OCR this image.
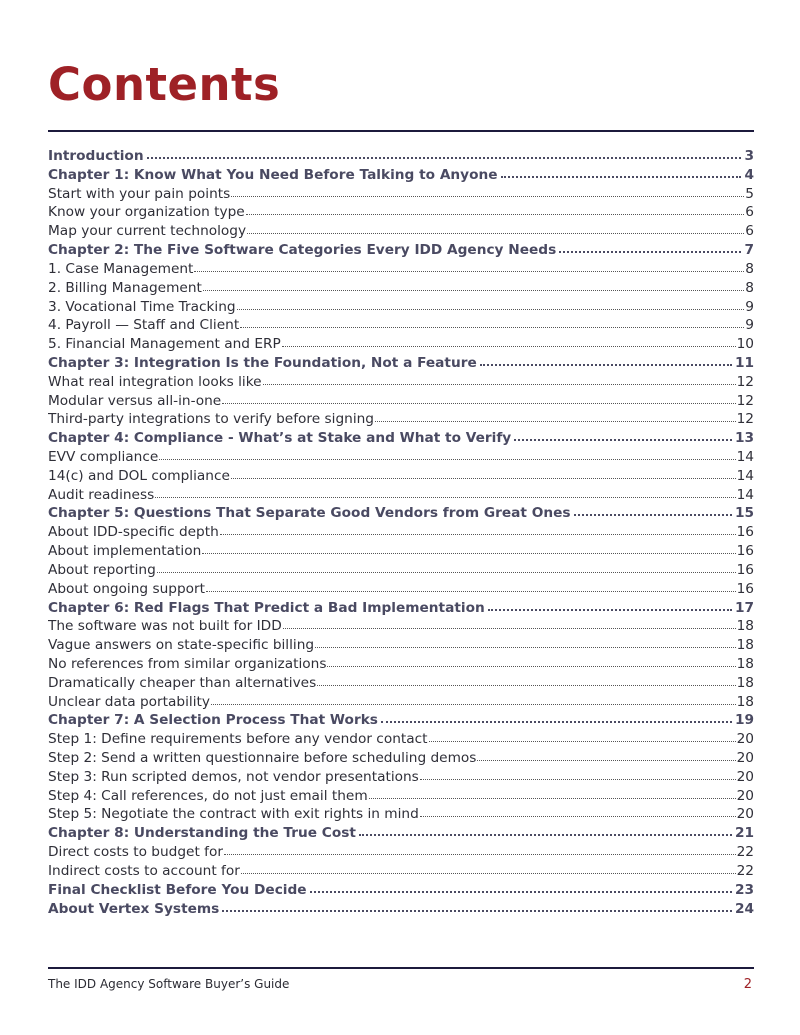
Contents
Introduction	3
Chapter 1: Know What You Need Before Talking to Anyone	4
Start with your pain points	5
Know your organization type	6
Map your current technology	6
Chapter 2: The Five Software Categories Every IDD Agency Needs	7
1. Case Management	8
2. Billing Management	8
3. Vocational Time Tracking	9
4. Payroll — Staff and Client	9
5. Financial Management and ERP	10
Chapter 3: Integration Is the Foundation, Not a Feature	11
What real integration looks like	12
Modular versus all-in-one	12
Third-party integrations to verify before signing	12
Chapter 4: Compliance - What’s at Stake and What to Verify	13
EVV compliance	14
14(c) and DOL compliance	14
Audit readiness	14
Chapter 5: Questions That Separate Good Vendors from Great Ones	15
About IDD-specific depth	16
About implementation	16
About reporting	16
About ongoing support	16
Chapter 6: Red Flags That Predict a Bad Implementation	17
The software was not built for IDD	18
Vague answers on state-specific billing	18
No references from similar organizations	18
Dramatically cheaper than alternatives	18
Unclear data portability	18
Chapter 7: A Selection Process That Works	19
Step 1: Define requirements before any vendor contact	20
Step 2: Send a written questionnaire before scheduling demos	20
Step 3: Run scripted demos, not vendor presentations	20
Step 4: Call references, do not just email them	20
Step 5: Negotiate the contract with exit rights in mind	20
Chapter 8: Understanding the True Cost	21
Direct costs to budget for	22
Indirect costs to account for	22
Final Checklist Before You Decide	23
About Vertex Systems	24
The IDD Agency Software Buyer’s Guide	2
